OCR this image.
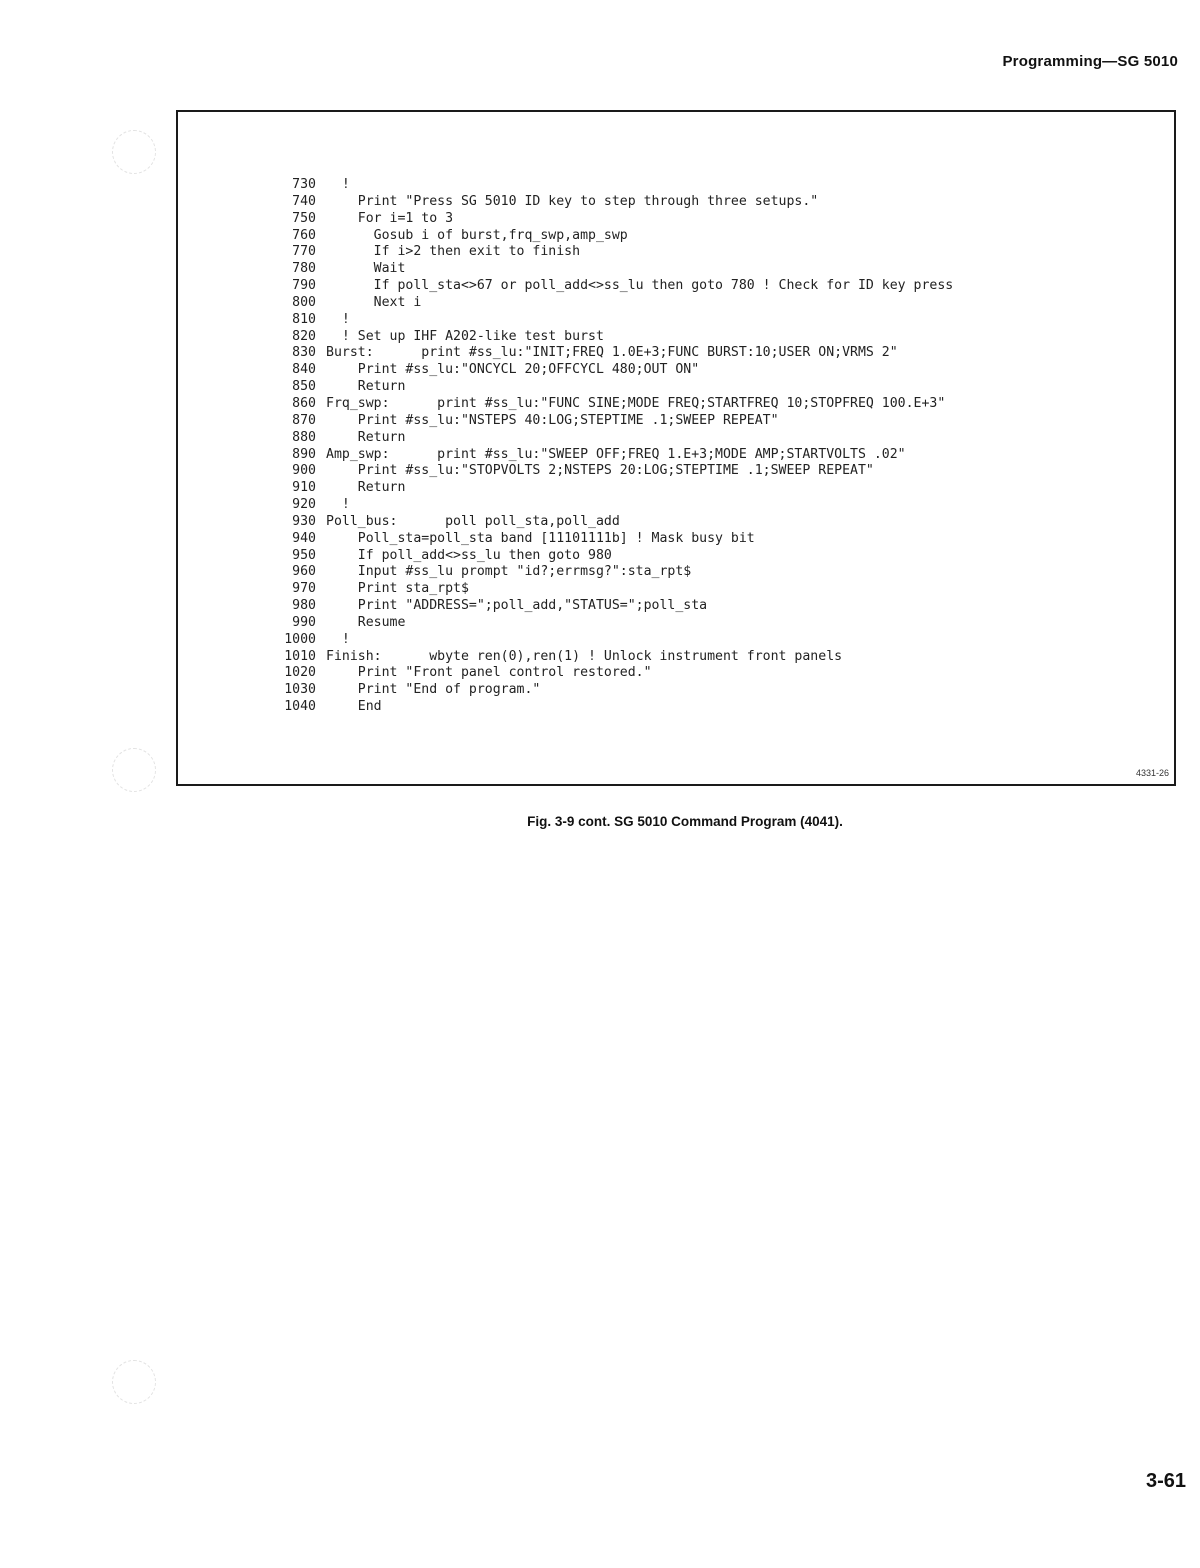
Programming—SG 5010
730 !
740 Print "Press SG 5010 ID key to step through three setups."
750 For i=1 to 3
760 Gosub i of burst,frq_swp,amp_swp
770 If i>2 then exit to finish
780 Wait
790 If poll_sta<>67 or poll_add<>ss_lu then goto 780 ! Check for ID key press
800 Next i
810 !
820 ! Set up IHF A202-like test burst
830 Burst:      print #ss_lu:"INIT;FREQ 1.0E+3;FUNC BURST:10;USER ON;VRMS 2"
840 Print #ss_lu:"ONCYCL 20;OFFCYCL 480;OUT ON"
850 Return
860 Frq_swp:      print #ss_lu:"FUNC SINE;MODE FREQ;STARTFREQ 10;STOPFREQ 100.E+3"
870 Print #ss_lu:"NSTEPS 40:LOG;STEPTIME .1;SWEEP REPEAT"
880 Return
890 Amp_swp:      print #ss_lu:"SWEEP OFF;FREQ 1.E+3;MODE AMP;STARTVOLTS .02"
900 Print #ss_lu:"STOPVOLTS 2;NSTEPS 20:LOG;STEPTIME .1;SWEEP REPEAT"
910 Return
920 !
930 Poll_bus:      poll poll_sta,poll_add
940 Poll_sta=poll_sta band [11101111b] ! Mask busy bit
950 If poll_add<>ss_lu then goto 980
960 Input #ss_lu prompt "id?;errmsg?":sta_rpt$
970 Print sta_rpt$
980 Print "ADDRESS=";poll_add,"STATUS=";poll_sta
990 Resume
1000 !
1010 Finish:      wbyte ren(0),ren(1) ! Unlock instrument front panels
1020 Print "Front panel control restored."
1030 Print "End of program."
1040 End
4331-26
Fig. 3-9 cont. SG 5010 Command Program (4041).
3-61
